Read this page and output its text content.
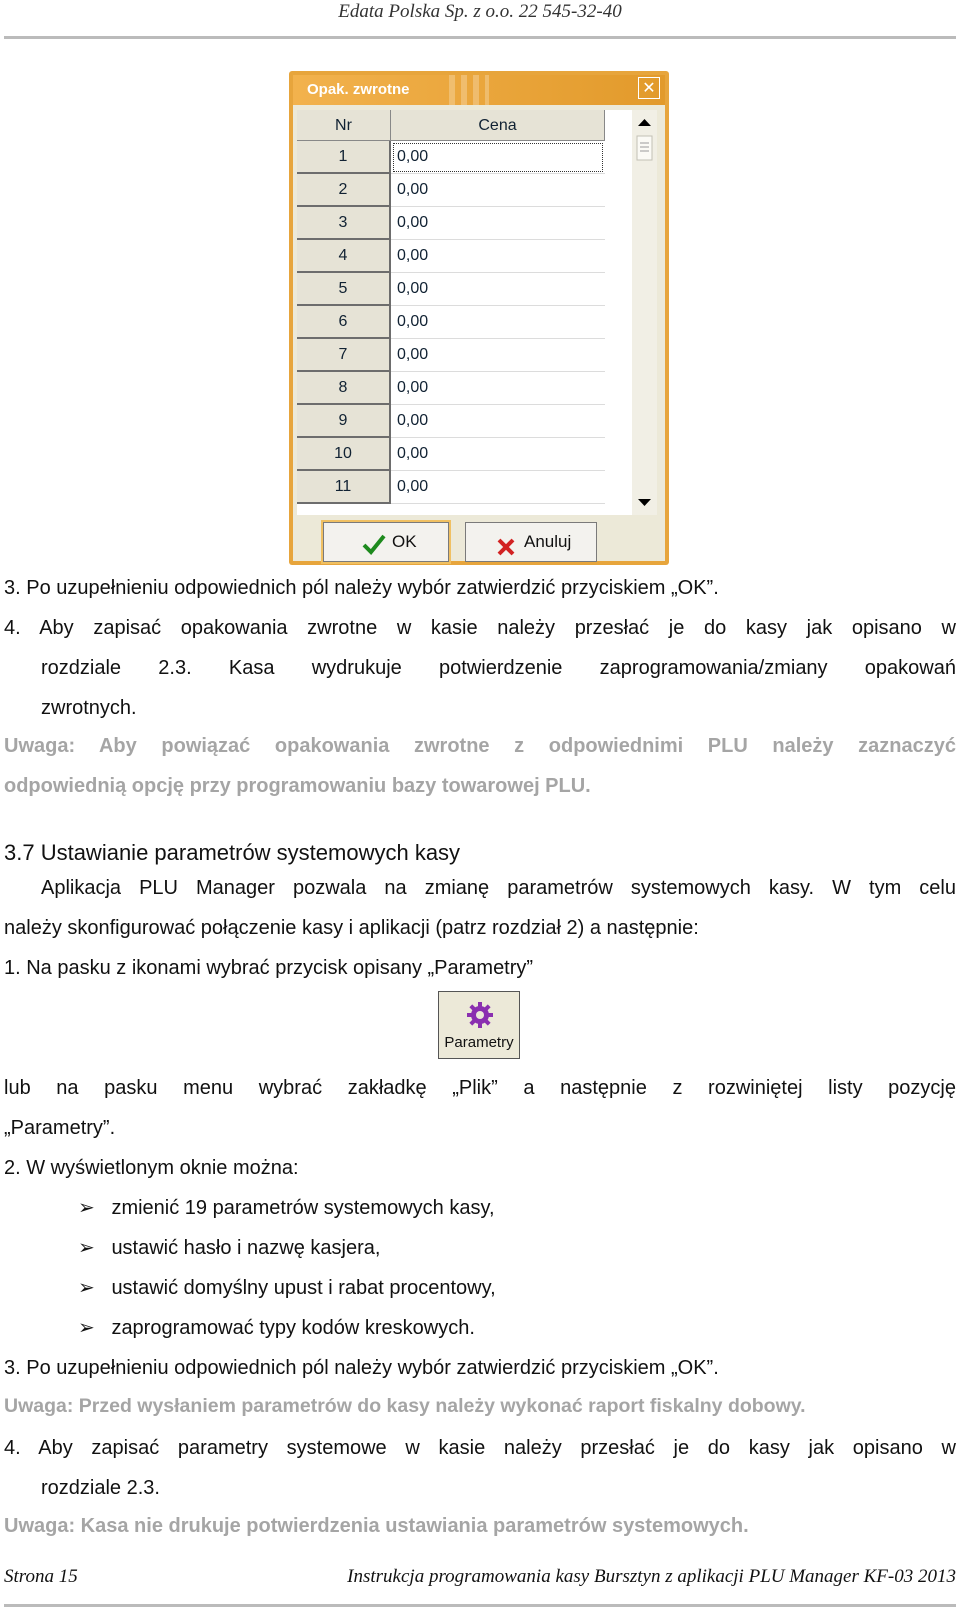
Edata Polska Sp. z o.o. 22 545-32-40
Opak. zwrotne	✕
Nr	Cena
1	0,00
2	0,00
3	0,00
4	0,00
5	0,00
6	0,00
7	0,00
8	0,00
9	0,00
10	0,00
11	0,00
OK	Anuluj
3. Po uzupełnieniu odpowiednich pól należy wybór zatwierdzić przyciskiem „OK”.
4. Aby zapisać opakowania zwrotne w kasie należy przesłać je do kasy jak opisano w
rozdziale 2.3. Kasa wydrukuje potwierdzenie zaprogramowania/zmiany opakowań
zwrotnych.
Uwaga: Aby powiązać opakowania zwrotne z odpowiednimi PLU należy zaznaczyć
odpowiednią opcję przy programowaniu bazy towarowej PLU.
3.7 Ustawianie parametrów systemowych kasy
Aplikacja PLU Manager pozwala na zmianę parametrów systemowych kasy. W tym celu
należy skonfigurować połączenie kasy i aplikacji (patrz rozdział 2) a następnie:
1. Na pasku z ikonami wybrać przycisk opisany „Parametry”
Parametry
lub na pasku menu wybrać zakładkę „Plik” a następnie z rozwiniętej listy pozycję
„Parametry”.
2. W wyświetlonym oknie można:
➢ zmienić 19 parametrów systemowych kasy,
➢ ustawić hasło i nazwę kasjera,
➢ ustawić domyślny upust i rabat procentowy,
➢ zaprogramować typy kodów kreskowych.
3. Po uzupełnieniu odpowiednich pól należy wybór zatwierdzić przyciskiem „OK”.
Uwaga: Przed wysłaniem parametrów do kasy należy wykonać raport fiskalny dobowy.
4. Aby zapisać parametry systemowe w kasie należy przesłać je do kasy jak opisano w
rozdziale 2.3.
Uwaga: Kasa nie drukuje potwierdzenia ustawiania parametrów systemowych.
Strona 15	Instrukcja programowania kasy Bursztyn z aplikacji PLU Manager KF-03 2013
